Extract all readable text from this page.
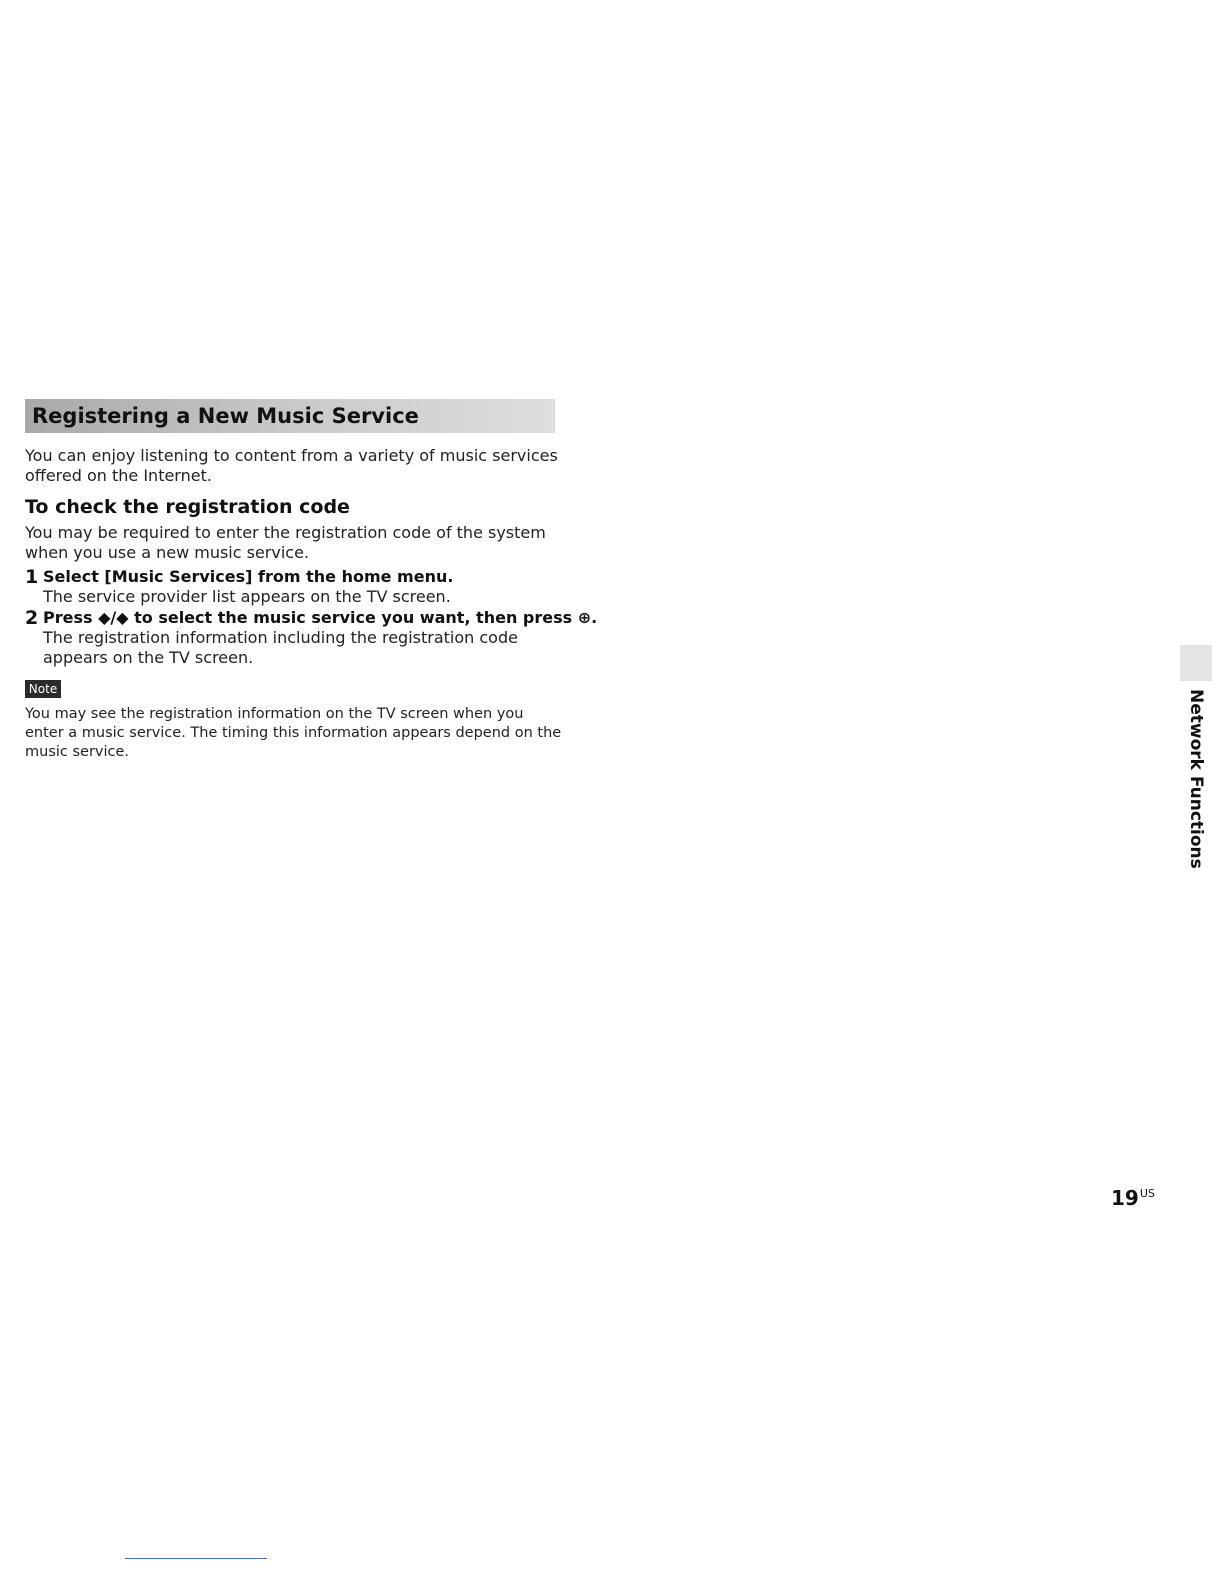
Registering a New Music Service
You can enjoy listening to content from a variety of music services offered on the Internet.
To check the registration code
You may be required to enter the registration code of the system when you use a new music service.
1 Select [Music Services] from the home menu.
The service provider list appears on the TV screen.
2 Press ◆/◆ to select the music service you want, then press ⊕.
The registration information including the registration code appears on the TV screen.
Note
You may see the registration information on the TV screen when you enter a music service. The timing this information appears depend on the music service.	Network Functions
$19^{US}$
